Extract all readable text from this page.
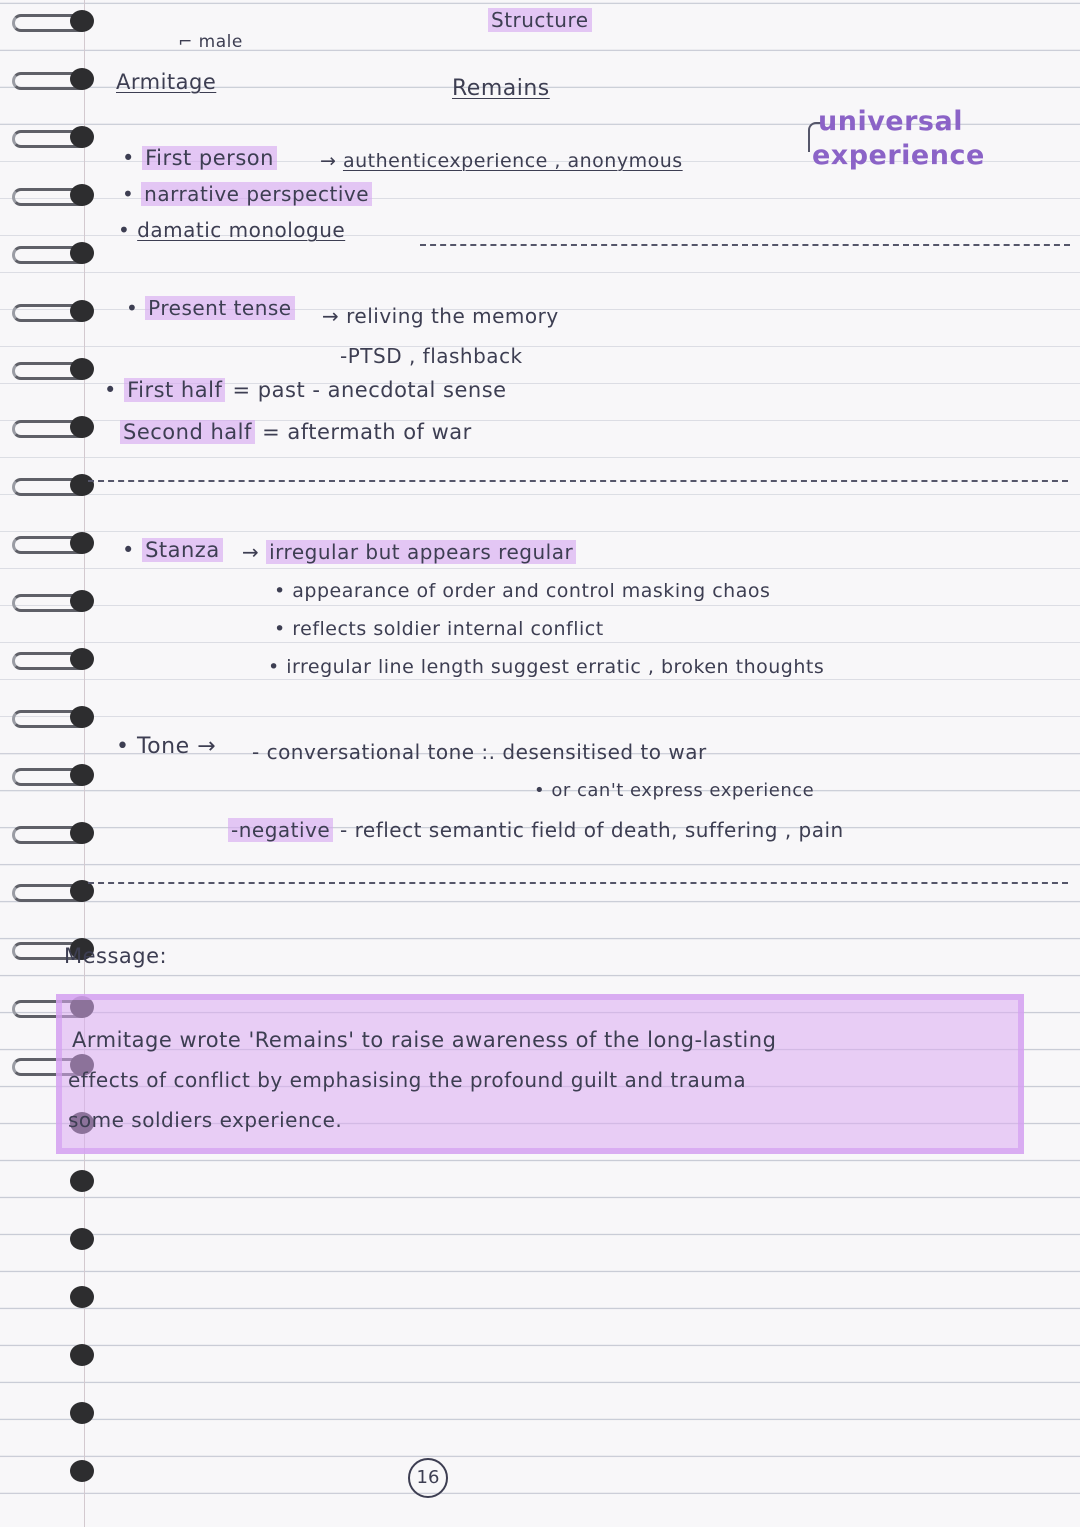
Structure
⌐ male
Armitage	Remains
• First person → authenticexperience , anonymous
• narrative perspective
• damatic monologue
universal
experience
• Present tense → reliving the memory
-PTSD , flashback
• First half = past - anecdotal sense
Second half = aftermath of war
• Stanza → irregular but appears regular
• appearance of order and control masking chaos
• reflects soldier internal conflict
• irregular line length suggest erratic , broken thoughts
• Tone → - conversational tone :. desensitised to war
• or can't express experience
-negative - reflect semantic field of death, suffering , pain
Message:
Armitage wrote 'Remains' to raise awareness of the long-lasting
effects of conflict by emphasising the profound guilt and trauma
some soldiers experience.
16
